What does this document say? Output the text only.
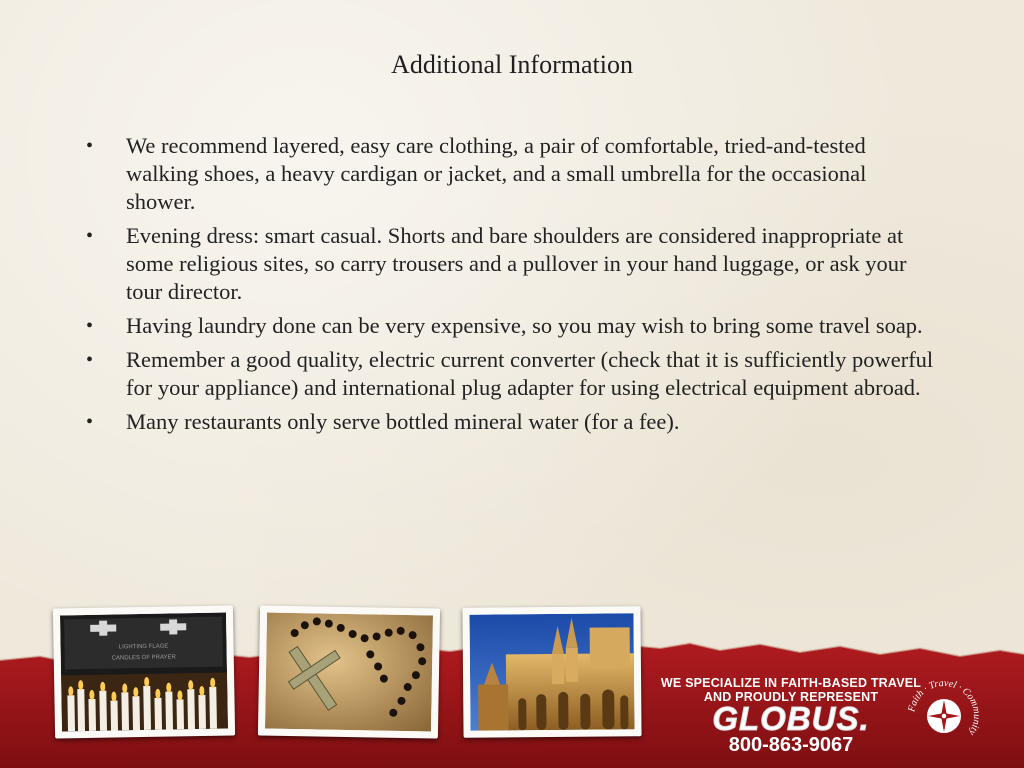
Additional Information
• We recommend layered, easy care clothing, a pair of comfortable, tried-and-tested walking shoes, a heavy cardigan or jacket, and a small umbrella for the occasional shower.
• Evening dress: smart casual. Shorts and bare shoulders are considered inappropriate at some religious sites, so carry trousers and a pullover in your hand luggage, or ask your tour director.
• Having laundry done can be very expensive, so you may wish to bring some travel soap.
• Remember a good quality, electric current converter (check that it is sufficiently powerful for your appliance) and international plug adapter for using electrical equipment abroad.
• Many restaurants only serve bottled mineral water (for a fee).
LIGHTING FLAGE
CANDLES OF PRAYER
WE SPECIALIZE IN FAITH-BASED TRAVEL
AND PROUDLY REPRESENT
GLOBUS.
800-863-9067
Faith · Travel · Community
